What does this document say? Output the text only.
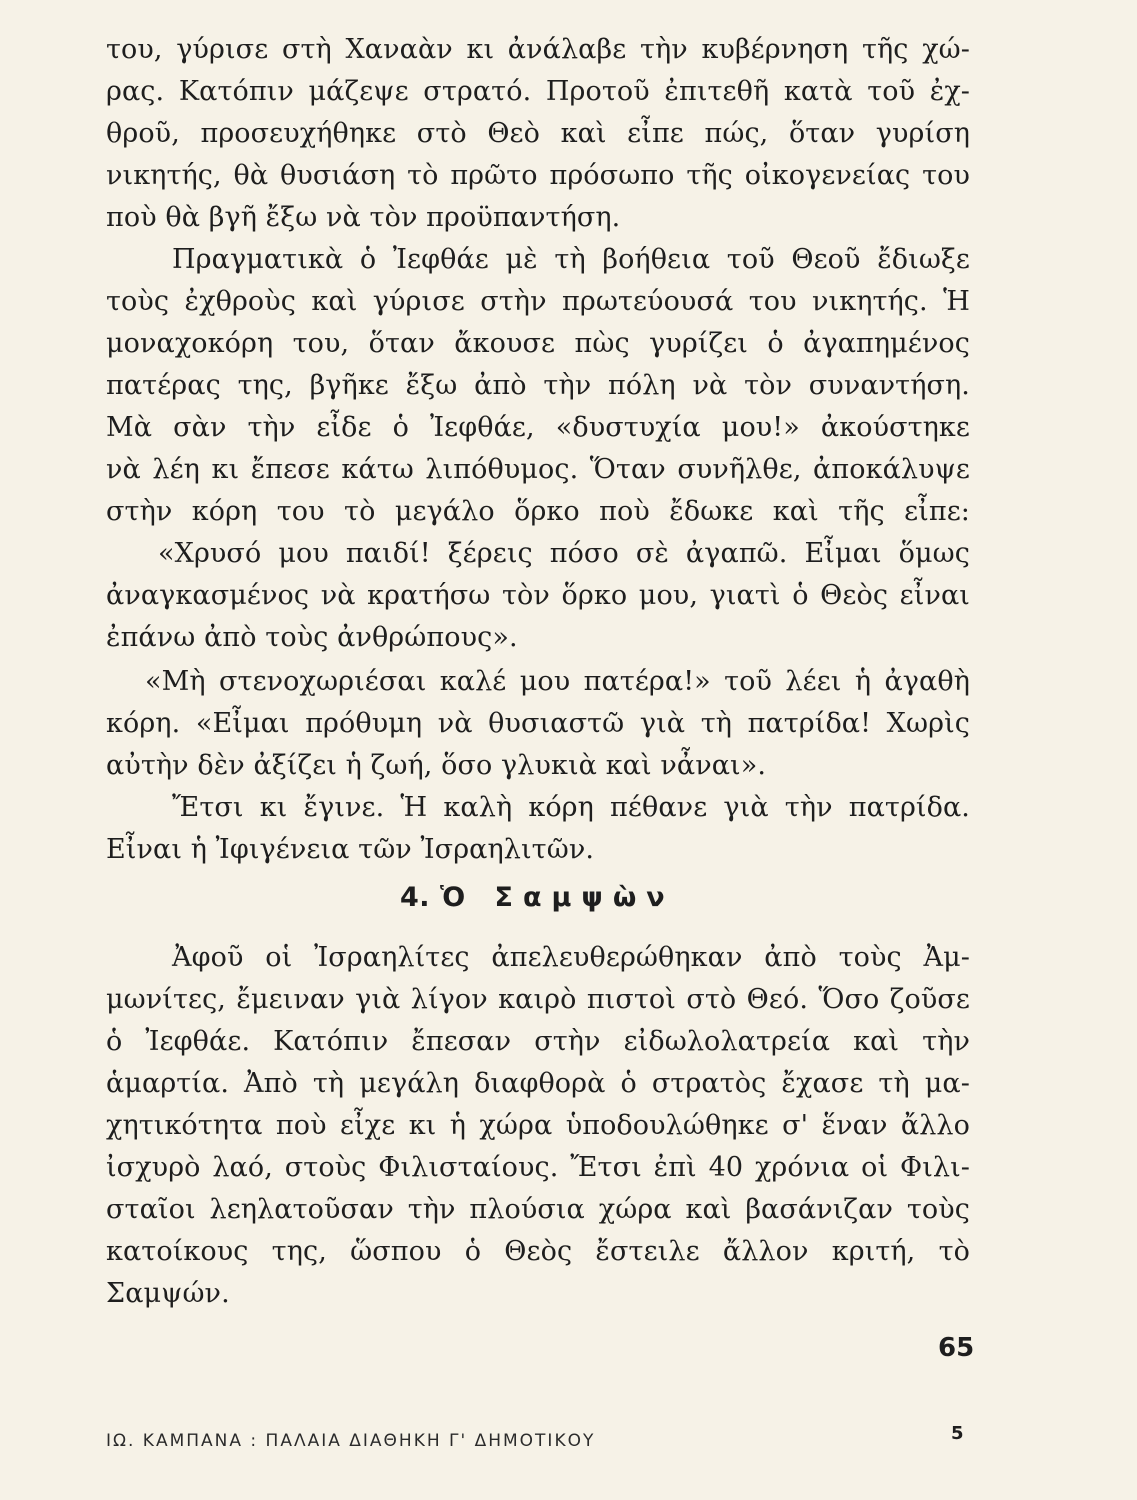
του, γύρισε στὴ Χαναὰν κι ἀνάλαβε τὴν κυβέρνηση τῆς χώ-
ρας. Κατόπιν μάζεψε στρατό. Προτοῦ ἐπιτεθῆ κατὰ τοῦ ἐχ-
θροῦ, προσευχήθηκε στὸ Θεὸ καὶ εἶπε πώς, ὅταν γυρίση
νικητής, θὰ θυσιάση τὸ πρῶτο πρόσωπο τῆς οἰκογενείας του
ποὺ θὰ βγῆ ἔξω νὰ τὸν προϋπαντήση.
Πραγματικὰ ὁ Ἰεφθάε μὲ τὴ βοήθεια τοῦ Θεοῦ ἔδιωξε
τοὺς ἐχθροὺς καὶ γύρισε στὴν πρωτεύουσά του νικητής. Ἡ
μοναχοκόρη του, ὅταν ἄκουσε πὼς γυρίζει ὁ ἀγαπημένος
πατέρας της, βγῆκε ἔξω ἀπὸ τὴν πόλη νὰ τὸν συναντήση.
Μὰ σὰν τὴν εἶδε ὁ Ἰεφθάε, «δυστυχία μου!» ἀκούστηκε
νὰ λέη κι ἔπεσε κάτω λιπόθυμος. Ὅταν συνῆλθε, ἀποκάλυψε
στὴν κόρη του τὸ μεγάλο ὅρκο ποὺ ἔδωκε καὶ τῆς εἶπε:
«Χρυσό μου παιδί! ξέρεις πόσο σὲ ἀγαπῶ. Εἶμαι ὅμως
ἀναγκασμένος νὰ κρατήσω τὸν ὅρκο μου, γιατὶ ὁ Θεὸς εἶναι
ἐπάνω ἀπὸ τοὺς ἀνθρώπους».
«Μὴ στενοχωριέσαι καλέ μου πατέρα!» τοῦ λέει ἡ ἀγαθὴ
κόρη. «Εἶμαι πρόθυμη νὰ θυσιαστῶ γιὰ τὴ πατρίδα! Χωρὶς
αὐτὴν δὲν ἀξίζει ἡ ζωή, ὅσο γλυκιὰ καὶ νἆναι».
Ἔτσι κι ἔγινε. Ἡ καλὴ κόρη πέθανε γιὰ τὴν πατρίδα.
Εἶναι ἡ Ἰφιγένεια τῶν Ἰσραηλιτῶν.
4. Ὁ Σαμψὼν
Ἀφοῦ οἱ Ἰσραηλίτες ἀπελευθερώθηκαν ἀπὸ τοὺς Ἀμ-
μωνίτες, ἔμειναν γιὰ λίγον καιρὸ πιστοὶ στὸ Θεό. Ὅσο ζοῦσε
ὁ Ἰεφθάε. Κατόπιν ἔπεσαν στὴν εἰδωλολατρεία καὶ τὴν
ἁμαρτία. Ἀπὸ τὴ μεγάλη διαφθορὰ ὁ στρατὸς ἔχασε τὴ μα-
χητικότητα ποὺ εἶχε κι ἡ χώρα ὑποδουλώθηκε σ' ἕναν ἄλλο
ἰσχυρὸ λαό, στοὺς Φιλισταίους. Ἔτσι ἐπὶ 40 χρόνια οἱ Φιλι-
σταῖοι λεηλατοῦσαν τὴν πλούσια χώρα καὶ βασάνιζαν τοὺς
κατοίκους της, ὥσπου ὁ Θεὸς ἔστειλε ἄλλον κριτή, τὸ
Σαμψών.
65
ΙΩ. ΚΑΜΠΑΝΑ : ΠΑΛΑΙΑ ΔΙΑΘΗΚΗ Γ' ΔΗΜΟΤΙΚΟΥ	5
